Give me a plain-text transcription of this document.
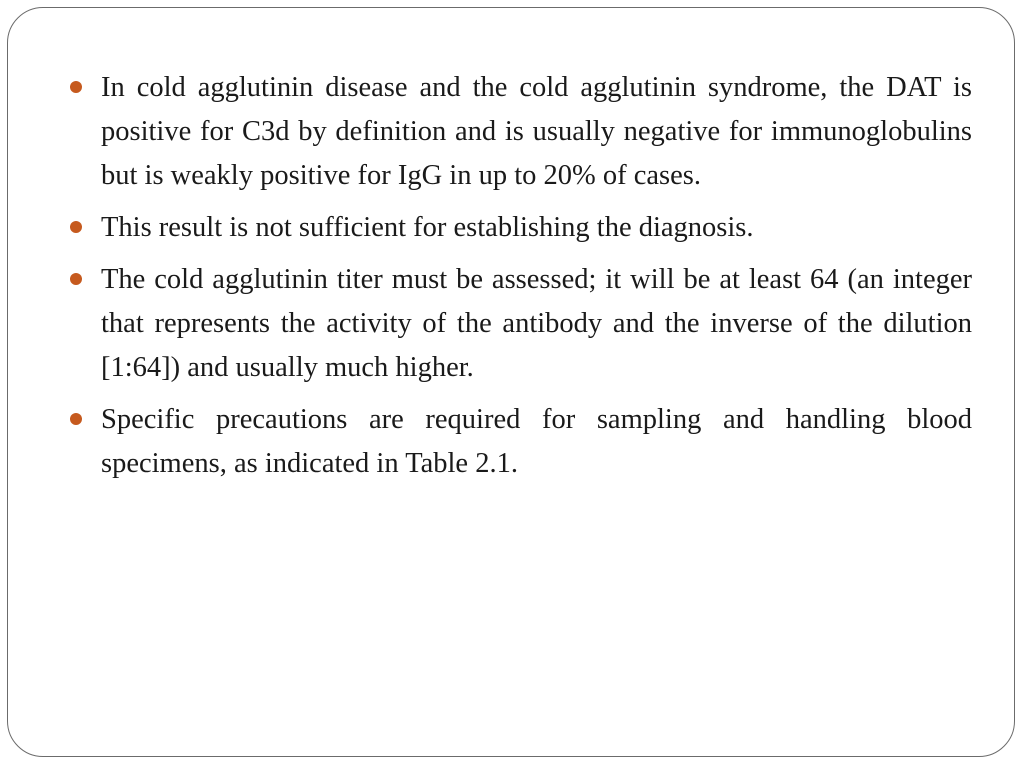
In cold agglutinin disease and the cold agglutinin syndrome, the DAT is positive for C3d by definition and is usually negative for immunoglobulins but is weakly positive for IgG in up to 20% of cases.
This result is not sufficient for establishing the diagnosis.
The cold agglutinin titer must be assessed; it will be at least 64 (an integer that represents the activity of the antibody and the inverse of the dilution [1:64]) and usually much higher.
Specific precautions are required for sampling and handling blood specimens, as indicated in Table 2.1.
